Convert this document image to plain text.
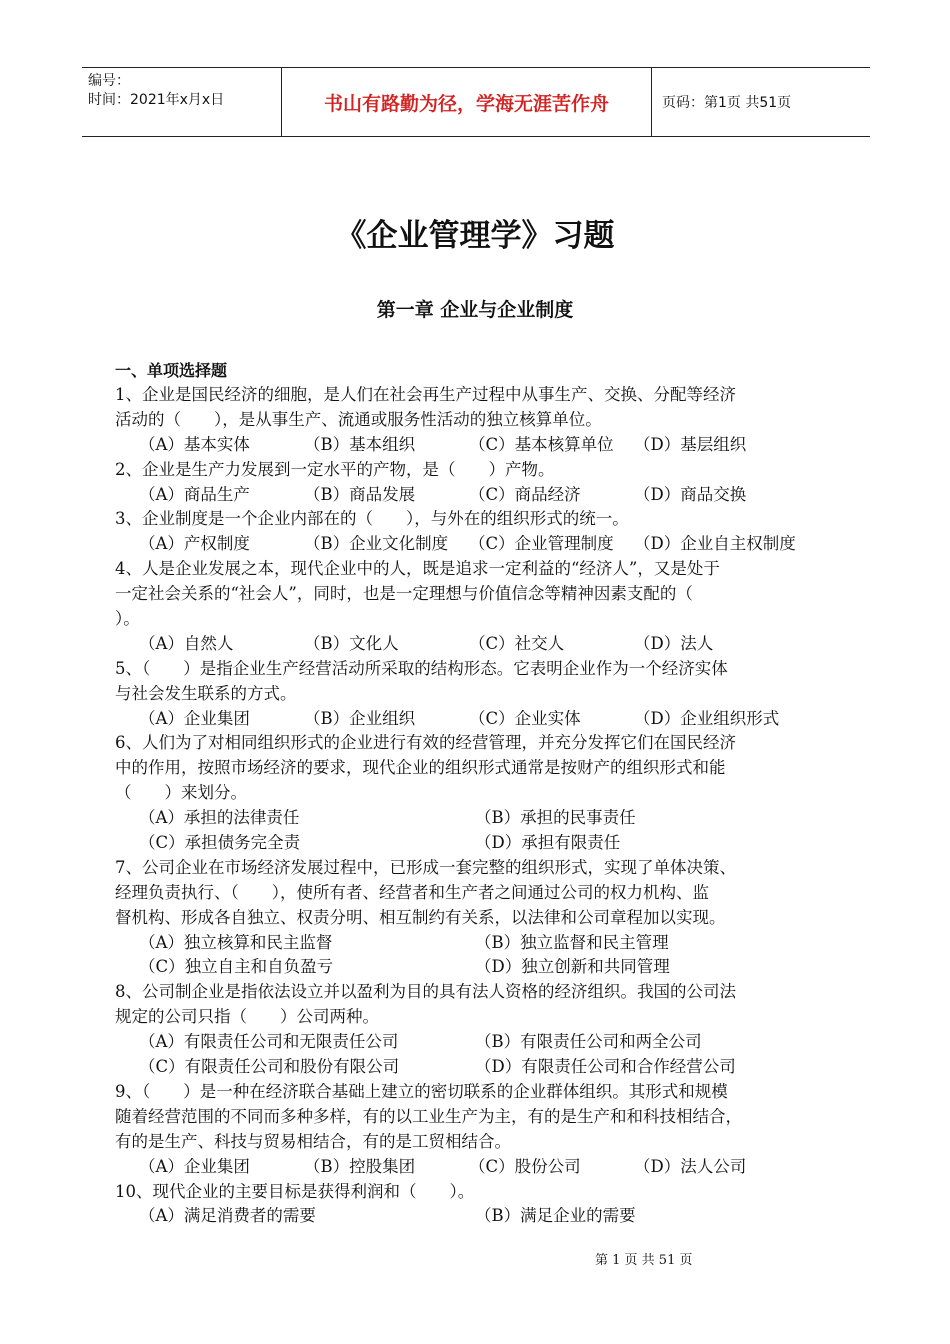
编号：
时间：2021年x月x日	书山有路勤为径，学海无涯苦作舟	页码：第1页 共51页
《企业管理学》习题
第一章 企业与企业制度
一、单项选择题
1、企业是国民经济的细胞，是人们在社会再生产过程中从事生产、交换、分配等经济
活动的（　　），是从事生产、流通或服务性活动的独立核算单位。
（A）基本实体	（B）基本组织	（C）基本核算单位	（D）基层组织
2、企业是生产力发展到一定水平的产物，是（　　）产物。
（A）商品生产	（B）商品发展	（C）商品经济	（D）商品交换
3、企业制度是一个企业内部在的（　　），与外在的组织形式的统一。
（A）产权制度	（B）企业文化制度	（C）企业管理制度	（D）企业自主权制度
4、人是企业发展之本，现代企业中的人，既是追求一定利益的“经济人”，又是处于
一定社会关系的“社会人”，同时，也是一定理想与价值信念等精神因素支配的（
）。
（A）自然人	（B）文化人	（C）社交人	（D）法人
5、（　　）是指企业生产经营活动所采取的结构形态。它表明企业作为一个经济实体
与社会发生联系的方式。
（A）企业集团	（B）企业组织	（C）企业实体	（D）企业组织形式
6、人们为了对相同组织形式的企业进行有效的经营管理，并充分发挥它们在国民经济
中的作用，按照市场经济的要求，现代企业的组织形式通常是按财产的组织形式和能
（　　）来划分。
（A）承担的法律责任	（B）承担的民事责任
（C）承担债务完全责	（D）承担有限责任
7、公司企业在市场经济发展过程中，已形成一套完整的组织形式，实现了单体决策、
经理负责执行、（　　），使所有者、经营者和生产者之间通过公司的权力机构、监
督机构、形成各自独立、权责分明、相互制约有关系，以法律和公司章程加以实现。
（A）独立核算和民主监督	（B）独立监督和民主管理
（C）独立自主和自负盈亏	（D）独立创新和共同管理
8、公司制企业是指依法设立并以盈利为目的具有法人资格的经济组织。我国的公司法
规定的公司只指（　　）公司两种。
（A）有限责任公司和无限责任公司	（B）有限责任公司和两全公司
（C）有限责任公司和股份有限公司	（D）有限责任公司和合作经营公司
9、（　　）是一种在经济联合基础上建立的密切联系的企业群体组织。其形式和规模
随着经营范围的不同而多种多样，有的以工业生产为主，有的是生产和和科技相结合，
有的是生产、科技与贸易相结合，有的是工贸相结合。
（A）企业集团	（B）控股集团	（C）股份公司	（D）法人公司
10、现代企业的主要目标是获得利润和（　　）。
（A）满足消费者的需要	（B）满足企业的需要
第 1 页 共 51 页
